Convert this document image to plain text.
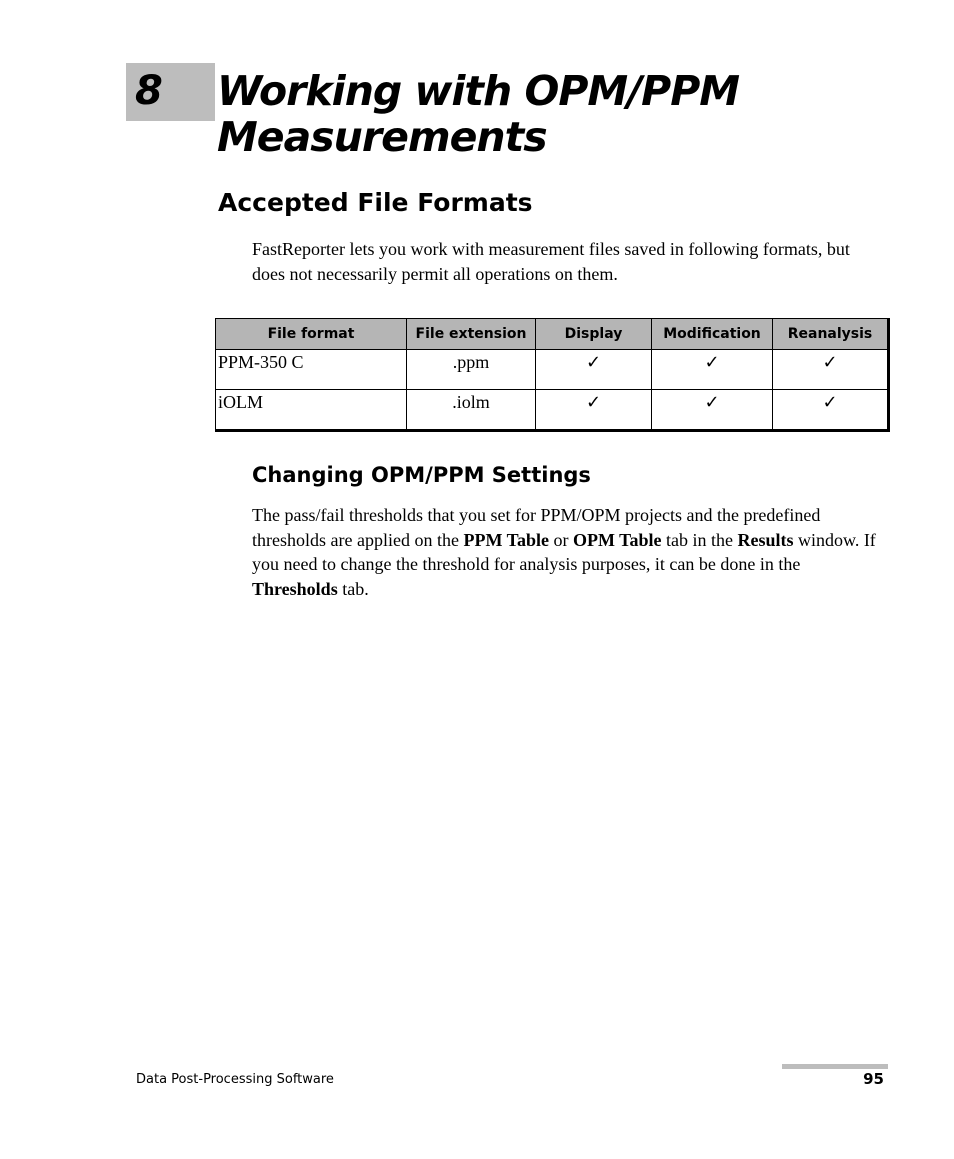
8 Working with OPM/PPM Measurements
Accepted File Formats

FastReporter lets you work with measurement files saved in following formats, but does not necessarily permit all operations on them.

File format	File extension	Display	Modification	Reanalysis
PPM-350 C	.ppm	✓	✓	✓
iOLM	.iolm	✓	✓	✓
Changing OPM/PPM Settings

The pass/fail thresholds that you set for PPM/OPM projects and the predefined thresholds are applied on the PPM Table or OPM Table tab in the Results window. If you need to change the threshold for analysis purposes, it can be done in the Thresholds tab.

Data Post-Processing Software	95
